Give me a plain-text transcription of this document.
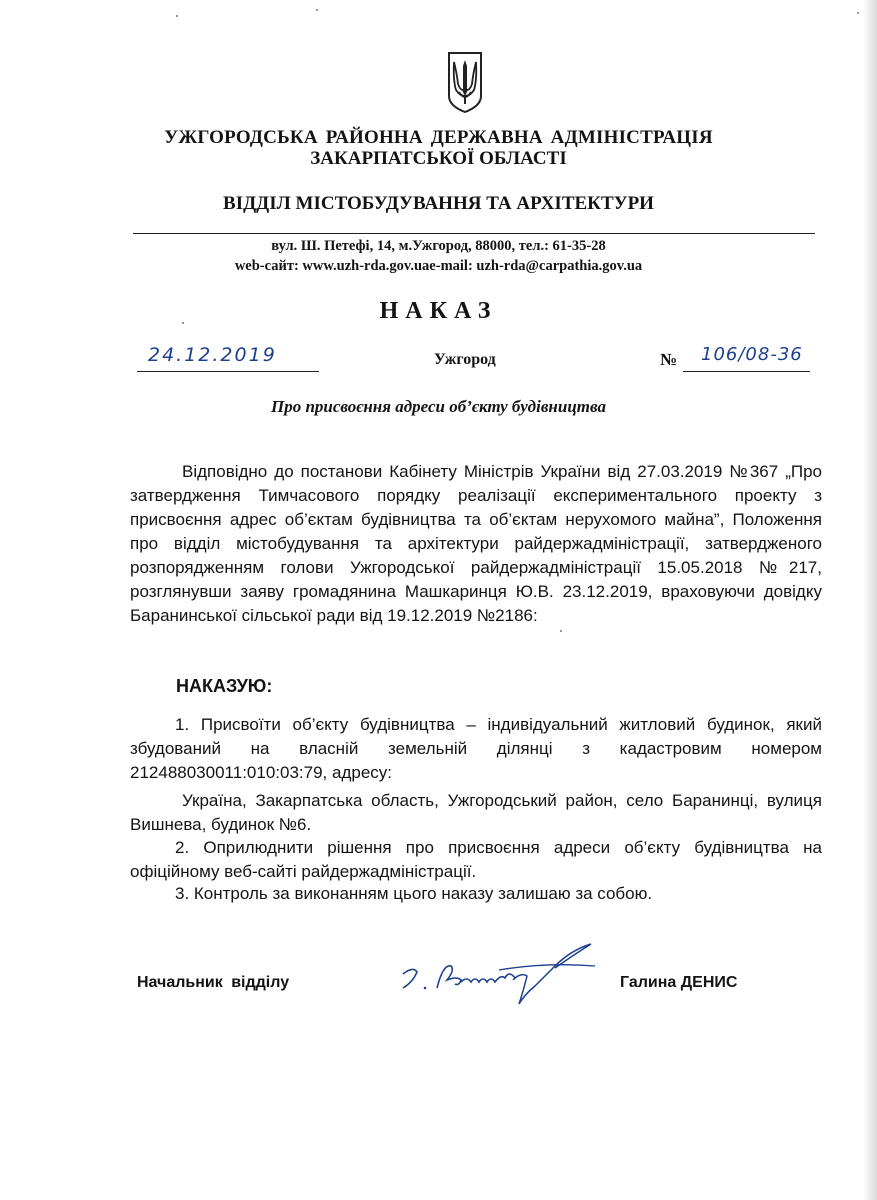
УЖГОРОДСЬКА РАЙОННА ДЕРЖАВНА АДМІНІСТРАЦІЯ
ЗАКАРПАТСЬКОЇ ОБЛАСТІ
ВІДДІЛ МІСТОБУДУВАННЯ ТА АРХІТЕКТУРИ
вул. Ш. Петефі, 14, м.Ужгород, 88000, тел.: 61-35-28
web-сайт: www.uzh-rda.gov.uae-mail: uzh-rda@carpathia.gov.ua
НАКАЗ
24.12.2019	Ужгород	№ 106/08-36
Про присвоєння адреси об’єкту будівництва
Відповідно до постанови Кабінету Міністрів України від 27.03.2019 №367 „Про затвердження Тимчасового порядку реалізації експериментального проекту з присвоєння адрес об’єктам будівництва та об’єктам нерухомого майна”, Положення про відділ містобудування та архітектури райдержадміністрації, затвердженого розпорядженням голови Ужгородської райдержадміністрації 15.05.2018 №217, розглянувши заяву громадянина Машкаринця Ю.В. 23.12.2019, враховуючи довідку Баранинської сільської ради від 19.12.2019 №2186:
НАКАЗУЮ:
1. Присвоїти об’єкту будівництва – індивідуальний житловий будинок, який збудований на власній земельній ділянці з кадастровим номером 212488030011:010:03:79, адресу:
Україна, Закарпатська область, Ужгородський район, село Баранинці, вулиця Вишнева, будинок №6.
2. Оприлюднити рішення про присвоєння адреси об’єкту будівництва на офіційному веб-сайті райдержадміністрації.
3. Контроль за виконанням цього наказу залишаю за собою.
Начальник відділу	Галина ДЕНИС
